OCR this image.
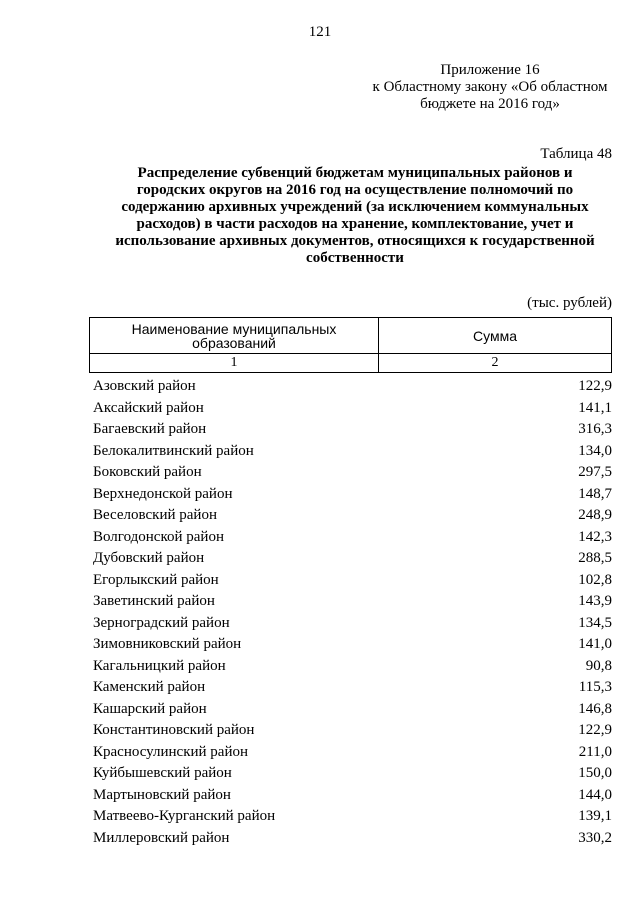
121
Приложение 16
к Областному закону «Об областном
бюджете на 2016 год»
Таблица 48
Распределение субвенций бюджетам муниципальных районов и
городских округов на 2016 год на осуществление полномочий по
содержанию архивных учреждений (за исключением коммунальных
расходов) в части расходов на хранение, комплектование, учет и
использование архивных документов, относящихся к государственной
собственности
(тыс. рублей)
Наименование муниципальных
образований	Сумма
1	2
Азовский район	122,9
Аксайский район	141,1
Багаевский район	316,3
Белокалитвинский район	134,0
Боковский район	297,5
Верхнедонской район	148,7
Веселовский район	248,9
Волгодонской район	142,3
Дубовский район	288,5
Егорлыкский район	102,8
Заветинский район	143,9
Зерноградский район	134,5
Зимовниковский район	141,0
Кагальницкий район	90,8
Каменский район	115,3
Кашарский район	146,8
Константиновский район	122,9
Красносулинский район	211,0
Куйбышевский район	150,0
Мартыновский район	144,0
Матвеево-Курганский район	139,1
Миллеровский район	330,2
